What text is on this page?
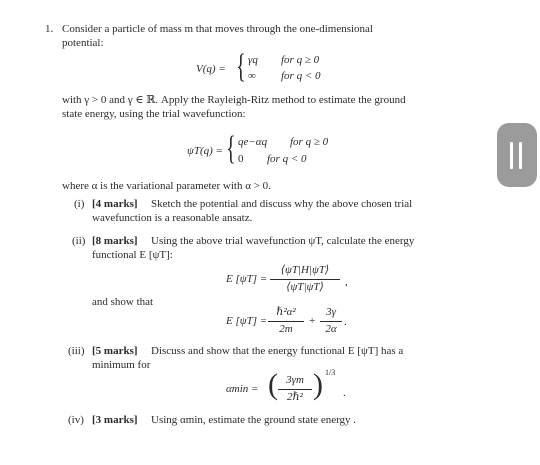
1. Consider a particle of mass m that moves through the one-dimensional
potential:
V(q) = { γq for q ≥ 0
∞ for q < 0
with γ > 0 and γ ∈ ℝ. Apply the Rayleigh-Ritz method to estimate the ground
state energy, using the trial wavefunction:
ψT(q) = { qe−αq for q ≥ 0
0 for q < 0
where α is the variational parameter with α > 0.
(i) [4 marks] Sketch the potential and discuss why the above chosen trial
wavefunction is a reasonable ansatz.
(ii) [8 marks] Using the above trial wavefunction ψT, calculate the energy
functional E [ψT]:
E $[\psi T] = \frac{⟨\psi T|H|\psi T⟩}{⟨\psi T|\psi T⟩}$ ,
and show that
E [ψT] =
ℏ²α²
2m
+ $\frac{3\gamma}{2\alpha}$ .
(iii) [5 marks] Discuss and show that the energy functional E [ψT] has a
minimum for
αmin = ( 3γm
2ℏ² ) 1/3
.
(iv) [3 marks] Using αmin, estimate the ground state energy .
